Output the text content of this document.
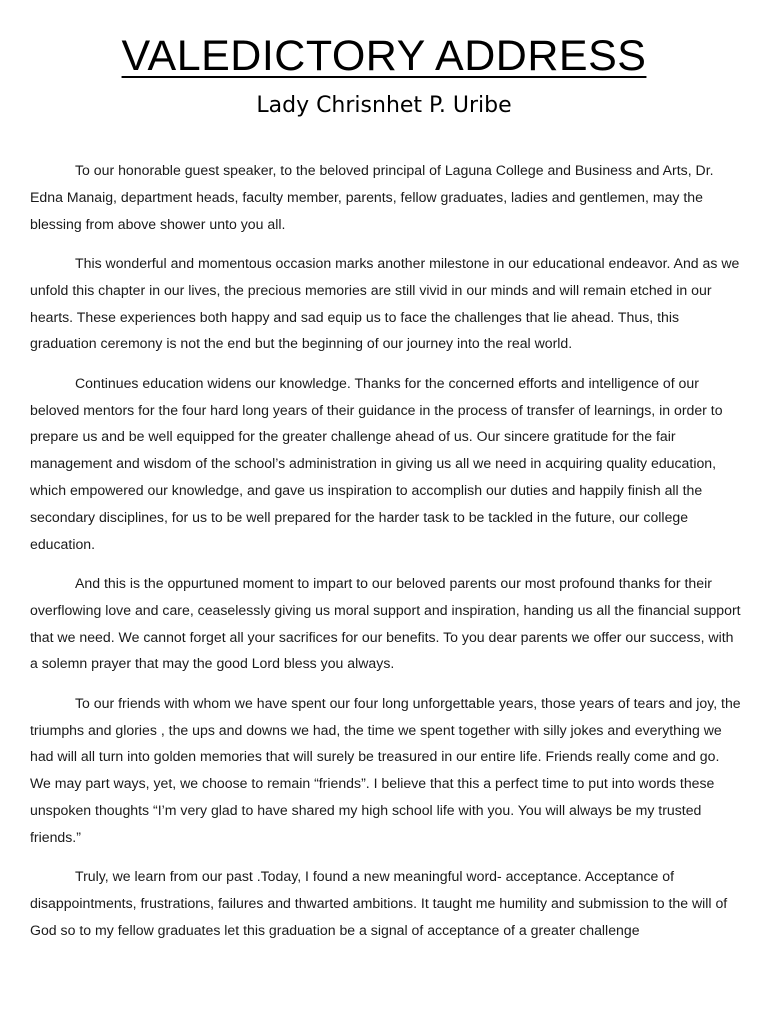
VALEDICTORY ADDRESS
Lady Chrisnhet P. Uribe

To our honorable guest speaker, to the beloved principal of Laguna College and Business and Arts, Dr. Edna Manaig, department heads, faculty member, parents, fellow graduates, ladies and gentlemen, may the blessing from above shower unto you all.

This wonderful and momentous occasion marks another milestone in our educational endeavor. And as we unfold this chapter in our lives, the precious memories are still vivid in our minds and will remain etched in our hearts. These experiences both happy and sad equip us to face the challenges that lie ahead. Thus, this graduation ceremony is not the end but the beginning of our journey into the real world.

Continues education widens our knowledge. Thanks for the concerned efforts and intelligence of our beloved mentors for the four hard long years of their guidance in the process of transfer of learnings, in order to prepare us and be well equipped for the greater challenge ahead of us. Our sincere gratitude for the fair management and wisdom of the school’s administration in giving us all we need in acquiring quality education, which empowered our knowledge, and gave us inspiration to accomplish our duties and happily finish all the secondary disciplines, for us to be well prepared for the harder task to be tackled in the future, our college education.

And this is the oppurtuned moment to impart to our beloved parents our most profound thanks for their overflowing love and care, ceaselessly giving us moral support and inspiration, handing us all the financial support that we need. We cannot forget all your sacrifices for our benefits. To you dear parents we offer our success, with a solemn prayer that may the good Lord bless you always.

To our friends with whom we have spent our four long unforgettable years, those years of tears and joy, the triumphs and glories , the ups and downs we had, the time we spent together with silly jokes and everything we had will all turn into golden memories that will surely be treasured in our entire life. Friends really come and go. We may part ways, yet, we choose to remain “friends”. I believe that this a perfect time to put into words these unspoken thoughts “I’m very glad to have shared my high school life with you. You will always be my trusted friends.”

Truly, we learn from our past .Today, I found a new meaningful word- acceptance. Acceptance of disappointments, frustrations, failures and thwarted ambitions. It taught me humility and submission to the will of God so to my fellow graduates let this graduation be a signal of acceptance of a greater challenge
